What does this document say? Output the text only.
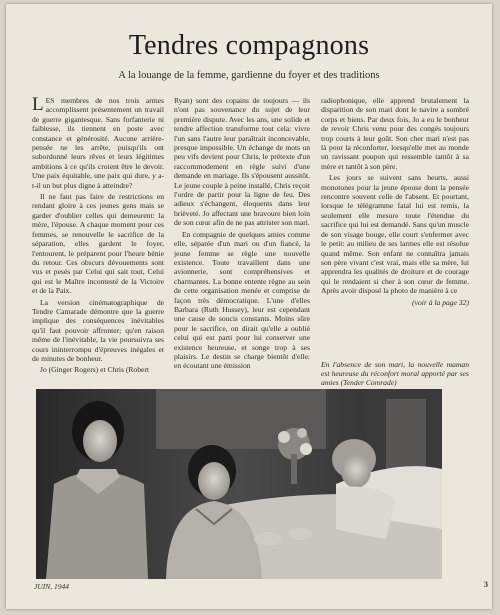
Tendres compagnons
A la louange de la femme, gardienne du foyer et des traditions

LES membres de nos trois armes accomplissent présentement un travail de guerre gigantesque. Sans forfanterie ni faiblesse, ils tiennent en poste avec constance et générosité. Aucune arrière-pensée ne les arrête, puisqu'ils ont subordonné leurs rêves et leurs légitimes ambitions à ce qu'ils croient être le devoir. Une paix équitable, une paix qui dure, y a-t-il un but plus digne à atteindre?

Il ne faut pas faire de restrictions en rendant gloire à ces jeunes gens mais se garder d'oublier celles qui demeurent: la mère, l'épouse. A chaque moment pour ces femmes, se renouvelle le sacrifice de la séparation, elles gardent le foyer, l'entourent, le préparent pour l'heure bénie du retour. Ces obscurs dévouements sont vus et pesés par Celui qui sait tout, Celui qui est le Maître incontesté de la Victoire et de la Paix.

La version cinématographique de Tendre Camarade démontre que la guerre implique des conséquences inévitables qu'il faut pouvoir affronter; qu'en raison même de l'inévitable, la vie poursuivra ses cours ininterrompu d'épreuves inégales et de minutes de bonheur.

Jo (Ginger Rogers) et Chris (Robert

Ryan) sont des copains de toujours — ils n'ont pas souvenance du sujet de leur première dispute. Avec les ans, une solide et tendre affection transforme tout cela: vivre l'un sans l'autre leur paraîtrait inconcevable, presque impossible. Un échange de mots un peu vifs devient pour Chris, le prétexte d'un raccommodement en règle suivi d'une demande en mariage. Ils s'épousent aussitôt. Le jeune couple à peine installé, Chris reçoit l'ordre de partir pour la ligne de feu. Des adieux s'échangent, éloquents dans leur brièveté. Jo affectant une bravoure bien loin de son cœur afin de ne pas attrister son mari.

En compagnie de quelques amies comme elle, séparée d'un mari ou d'un fiancé, la jeune femme se règle une nouvelle existence. Toute travaillent dans une avionnerie, sont compréhensives et charmantes. La bonne entente règne au sein de cette organisation menée et comprise de façon très démocratique. L'une d'elles Barbara (Ruth Hussey), leur est cependant une cause de soucis constants. Moins sûre pour le sacrifice, on dirait qu'elle a oublié celui qui est parti pour lui conserver une existence heureuse, et songe trop à ses plaisirs. Le destin se charge bientôt d'elle: en écoutant une émission

radiophonique, elle apprend brutalement la disparition de son mari dont le navire a sombré corps et biens. Par deux fois, Jo a eu le bonheur de revoir Chris venu pour des congés toujours trop courts à leur goût. Son cher mari n'est pas là pour la réconforter, lorsqu'elle met au monde un ravissant poupon qui ressemble tantôt à sa mère et tantôt à son père.

Les jours se suivent sans heurts, aussi monotones pour la jeune épouse dont la pensée rencontre souvent celle de l'absent. Et pourtant, lorsque le télégramme fatal lui est remis, la seulement elle mesure toute l'étendue du sacrifice qui lui est demandé. Sans qu'un muscle de son visage bouge, elle court s'enfermer avec le petit: au milieu de ses larmes elle est résolue quand même. Son enfant ne connaîtra jamais son père vivant c'est vrai, mais elle sa mère, lui apprendra les qualités de droiture et de courage qui le rendaient si cher à son cœur de femme. Après avoir disposé la photo de manière à ce

(voir à la page 32)

En l'absence de son mari, la nouvelle maman est heureuse du réconfort moral apporté par ses amies (Tender Comrade)
JUIN, 1944	3
